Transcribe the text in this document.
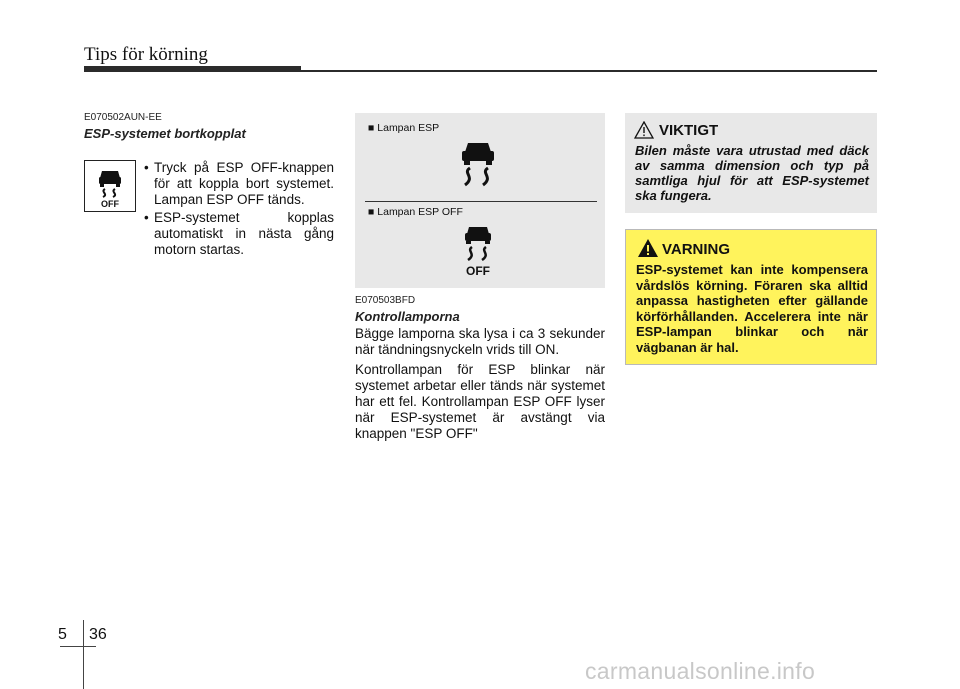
Tips för körning
E070502AUN-EE
ESP-systemet bortkopplat
OFF
• Tryck på ESP OFF-knappen för att koppla bort systemet. Lampan ESP OFF tänds.
• ESP-systemet kopplas automatiskt in nästa gång motorn startas.
■ Lampan ESP
■ Lampan ESP OFF
OFF
E070503BFD
Kontrollamporna

Bägge lamporna ska lysa i ca 3 sekunder när tändningsnyckeln vrids till ON.

Kontrollampan för ESP blinkar när systemet arbetar eller tänds när systemet har ett fel. Kontrollampan ESP OFF lyser när ESP-systemet är avstängt via knappen "ESP OFF"

VIKTIGT
Bilen måste vara utrustad med däck av samma dimension och typ på samtliga hjul för att ESP-systemet ska fungera.
VARNING
ESP-systemet kan inte kompensera vårdslös körning. Föraren ska alltid anpassa hastigheten efter gällande körförhållanden. Accelerera inte när ESP-lampan blinkar och när vägbanan är hal.
5 36
carmanualsonline.info
